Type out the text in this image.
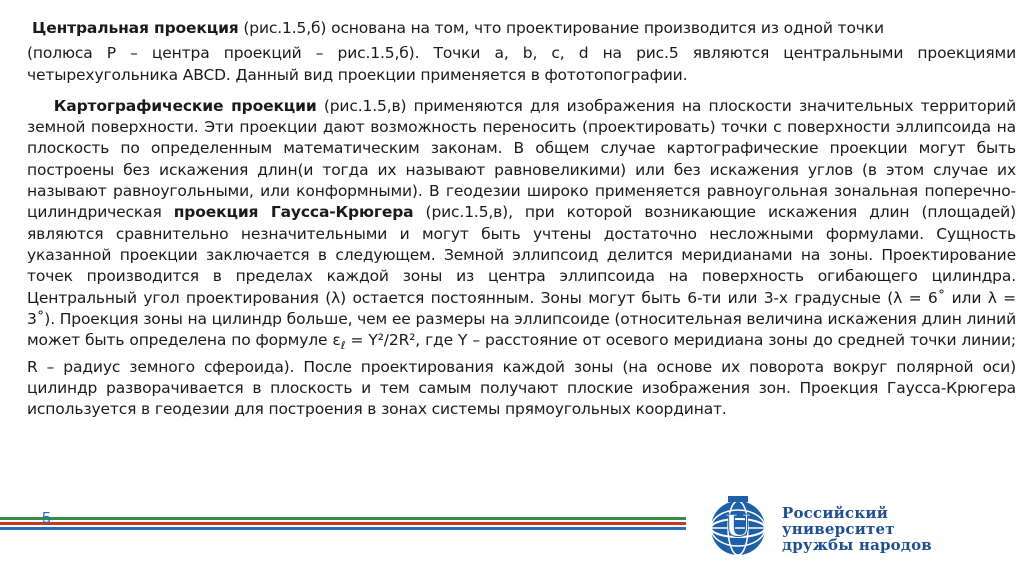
Центральная проекция (рис.1.5,б) основана на том, что проектирование производится из одной точки

(полюса P – центра проекций – рис.1.5,б). Точки a, b, c, d на рис.5 являются центральными проекциями четырехугольника ABCD. Данный вид проекции применяется в фототопографии.

Картографические проекции (рис.1.5,в) применяются для изображения на плоскости значительных территорий земной поверхности. Эти проекции дают возможность переносить (проектировать) точки с поверхности эллипсоида на плоскость по определенным математическим законам. В общем случае картографические проекции могут быть построены без искажения длин(и тогда их называют равновеликими) или без искажения углов (в этом случае их называют равноугольными, или конформными). В геодезии широко применяется равноугольная зональная поперечно- цилиндрическая проекция Гаусса-Крюгера (рис.1.5,в), при которой возникающие искажения длин (площадей) являются сравнительно незначительными и могут быть учтены достаточно несложными формулами. Сущность указанной проекции заключается в следующем. Земной эллипсоид делится меридианами на зоны. Проектирование точек производится в пределах каждой зоны из центра эллипсоида на поверхность огибающего цилиндра. Центральный угол проектирования (λ) остается постоянным. Зоны могут быть 6-ти или 3-х градусные (λ = 6˚ или λ = 3˚). Проекция зоны на цилиндр больше, чем ее размеры на эллипсоиде (относительная величина искажения длин линий может быть определена по формуле $\varepsilon_\ell = Y^2/2R^2$, где Y – расстояние от осевого меридиана зоны до средней точки линии; R – радиус земного сфероида). После проектирования каждой зоны (на основе их поворота вокруг полярной оси) цилиндр разворачивается в плоскость и тем самым получают плоские изображения зон. Проекция Гаусса-Крюгера используется в геодезии для построения в зонах системы прямоугольных координат.

5	U Российский университет
дружбы народов
